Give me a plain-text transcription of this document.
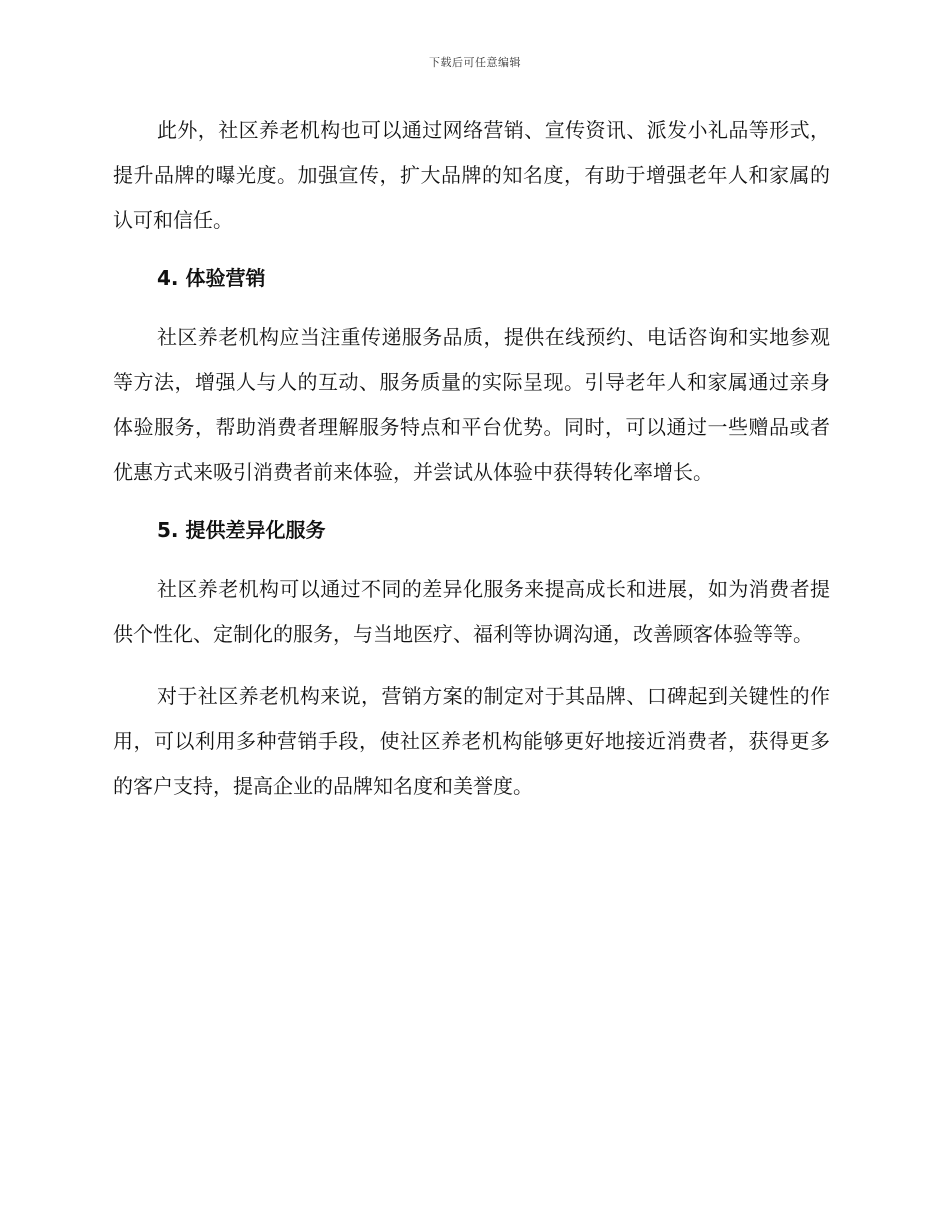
下载后可任意编辑

此外，社区养老机构也可以通过网络营销、宣传资讯、派发小礼品等形式，提升品牌的曝光度。加强宣传，扩大品牌的知名度，有助于增强老年人和家属的认可和信任。

4. 体验营销

社区养老机构应当注重传递服务品质，提供在线预约、电话咨询和实地参观等方法，增强人与人的互动、服务质量的实际呈现。引导老年人和家属通过亲身体验服务，帮助消费者理解服务特点和平台优势。同时，可以通过一些赠品或者优惠方式来吸引消费者前来体验，并尝试从体验中获得转化率增长。

5. 提供差异化服务

社区养老机构可以通过不同的差异化服务来提高成长和进展，如为消费者提供个性化、定制化的服务，与当地医疗、福利等协调沟通，改善顾客体验等等。

对于社区养老机构来说，营销方案的制定对于其品牌、口碑起到关键性的作用，可以利用多种营销手段，使社区养老机构能够更好地接近消费者，获得更多的客户支持，提高企业的品牌知名度和美誉度。
